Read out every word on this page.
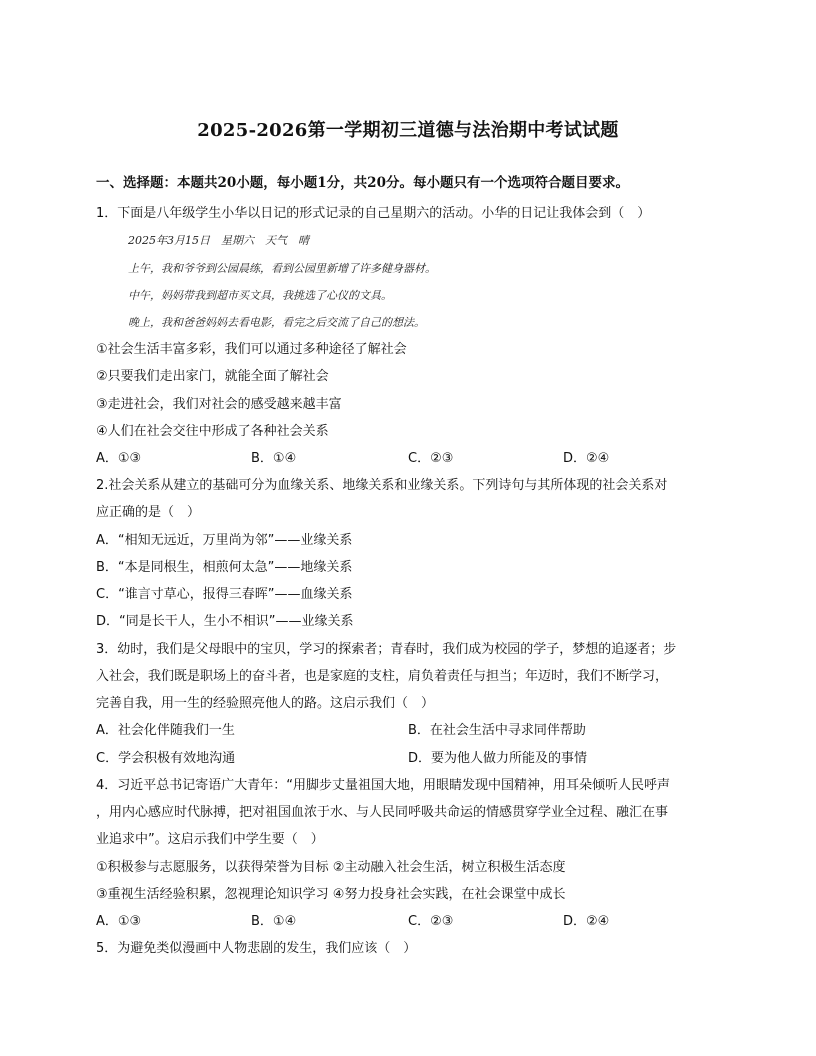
2025-2026第一学期初三道德与法治期中考试试题
一、选择题：本题共20小题，每小题1分，共20分。每小题只有一个选项符合题目要求。
1．下面是八年级学生小华以日记的形式记录的自己星期六的活动。小华的日记让我体会到（　）
2025年3月15日　星期六　天气　晴
上午，我和爷爷到公园晨练，看到公园里新增了许多健身器材。
中午，妈妈带我到超市买文具，我挑选了心仪的文具。
晚上，我和爸爸妈妈去看电影，看完之后交流了自己的想法。
①社会生活丰富多彩，我们可以通过多种途径了解社会
②只要我们走出家门，就能全面了解社会
③走进社会，我们对社会的感受越来越丰富
④人们在社会交往中形成了各种社会关系
A．①③	B．①④	C．②③	D．②④
2.社会关系从建立的基础可分为血缘关系、地缘关系和业缘关系。下列诗句与其所体现的社会关系对
应正确的是（　）
A．“相知无远近，万里尚为邻”——业缘关系
B．“本是同根生，相煎何太急”——地缘关系
C．“谁言寸草心，报得三春晖”——血缘关系
D．“同是长干人，生小不相识”——业缘关系
3．幼时，我们是父母眼中的宝贝，学习的探索者；青春时，我们成为校园的学子，梦想的追逐者；步
入社会，我们既是职场上的奋斗者，也是家庭的支柱，肩负着责任与担当；年迈时，我们不断学习，
完善自我，用一生的经验照亮他人的路。这启示我们（　）
A．社会化伴随我们一生	B．在社会生活中寻求同伴帮助
C．学会积极有效地沟通	D．要为他人做力所能及的事情
4．习近平总书记寄语广大青年：“用脚步丈量祖国大地，用眼睛发现中国精神，用耳朵倾听人民呼声
，用内心感应时代脉搏，把对祖国血浓于水、与人民同呼吸共命运的情感贯穿学业全过程、融汇在事
业追求中”。这启示我们中学生要（　）
①积极参与志愿服务，以获得荣誉为目标 ②主动融入社会生活，树立积极生活态度
③重视生活经验积累，忽视理论知识学习 ④努力投身社会实践，在社会课堂中成长
A．①③	B．①④	C．②③	D．②④
5．为避免类似漫画中人物悲剧的发生，我们应该（　）
